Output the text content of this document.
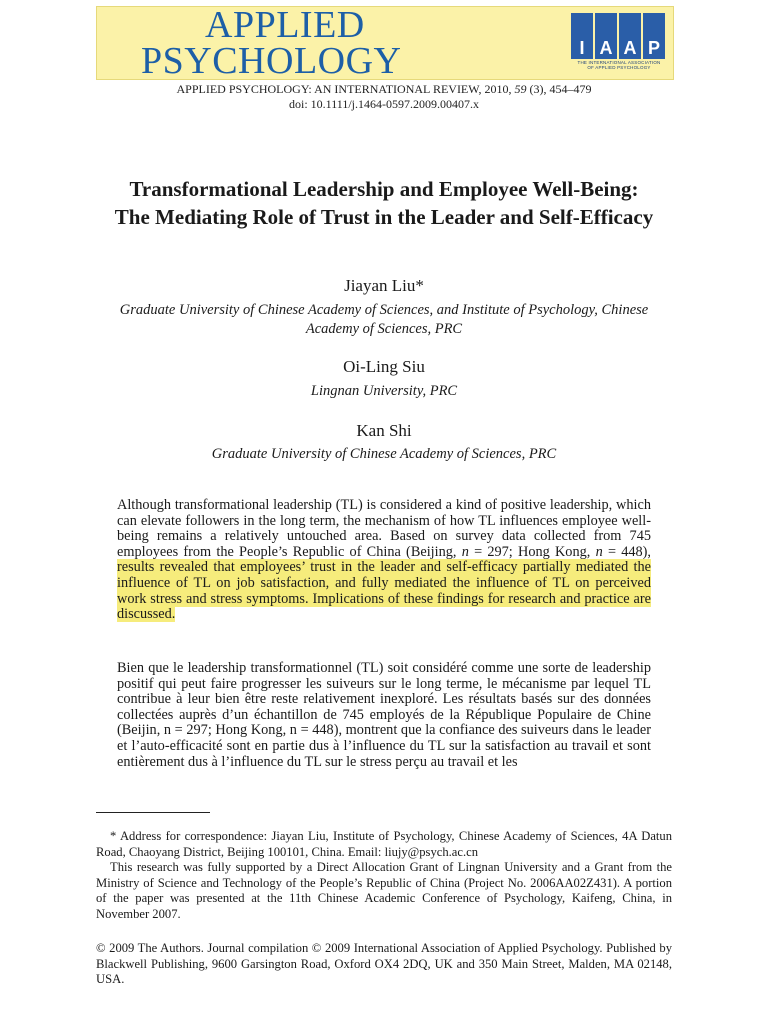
APPLIED
PSYCHOLOGY	I A A P
THE INTERNATIONAL ASSOCIATION
OF APPLIED PSYCHOLOGY
APPLIED PSYCHOLOGY: AN INTERNATIONAL REVIEW, 2010, 59 (3), 454–479
doi: 10.1111/j.1464-0597.2009.00407.x
Transformational Leadership and Employee Well-Being: The Mediating Role of Trust in the Leader and Self-Efficacy
Jiayan Liu*
Graduate University of Chinese Academy of Sciences, and Institute of Psychology, Chinese Academy of Sciences, PRC
Oi-Ling Siu
Lingnan University, PRC
Kan Shi
Graduate University of Chinese Academy of Sciences, PRC
Although transformational leadership (TL) is considered a kind of positive leadership, which can elevate followers in the long term, the mechanism of how TL influences employee well-being remains a relatively untouched area. Based on survey data collected from 745 employees from the People’s Republic of China (Beijing, n = 297; Hong Kong, n = 448), results revealed that employees’ trust in the leader and self-efficacy partially mediated the influence of TL on job satisfaction, and fully mediated the influence of TL on perceived work stress and stress symptoms. Implications of these findings for research and practice are discussed.
Bien que le leadership transformationnel (TL) soit considéré comme une sorte de leadership positif qui peut faire progresser les suiveurs sur le long terme, le mécanisme par lequel TL contribue à leur bien être reste relativement inexploré. Les résultats basés sur des données collectées auprès d’un échantillon de 745 employés de la République Populaire de Chine (Beijin, n = 297; Hong Kong, n = 448), montrent que la confiance des suiveurs dans le leader et l’auto-efficacité sont en partie dus à l’influence du TL sur la satisfaction au travail et sont entièrement dus à l’influence du TL sur le stress perçu au travail et les

* Address for correspondence: Jiayan Liu, Institute of Psychology, Chinese Academy of Sciences, 4A Datun Road, Chaoyang District, Beijing 100101, China. Email: liujy@psych.ac.cn

This research was fully supported by a Direct Allocation Grant of Lingnan University and a Grant from the Ministry of Science and Technology of the People’s Republic of China (Project No. 2006AA02Z431). A portion of the paper was presented at the 11th Chinese Academic Conference of Psychology, Kaifeng, China, in November 2007.

© 2009 The Authors. Journal compilation © 2009 International Association of Applied Psychology. Published by Blackwell Publishing, 9600 Garsington Road, Oxford OX4 2DQ, UK and 350 Main Street, Malden, MA 02148, USA.
